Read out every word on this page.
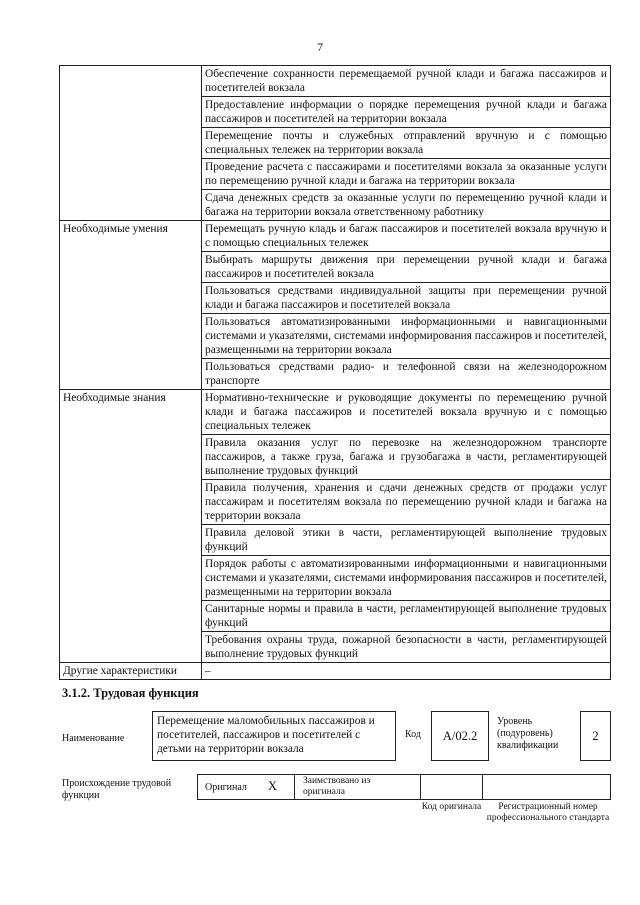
7
	Обеспечение сохранности перемещаемой ручной клади и багажа пассажиров и посетителей вокзала
	Предоставление информации о порядке перемещения ручной клади и багажа пассажиров и посетителей на территории вокзала
	Перемещение почты и служебных отправлений вручную и с помощью специальных тележек на территории вокзала
	Проведение расчета с пассажирами и посетителями вокзала за оказанные услуги по перемещению ручной клади и багажа на территории вокзала
	Сдача денежных средств за оказанные услуги по перемещению ручной клади и багажа на территории вокзала ответственному работнику
Необходимые умения	Перемещать ручную кладь и багаж пассажиров и посетителей вокзала вручную и с помощью специальных тележек
	Выбирать маршруты движения при перемещении ручной клади и багажа пассажиров и посетителей вокзала
	Пользоваться средствами индивидуальной защиты при перемещении ручной клади и багажа пассажиров и посетителей вокзала
	Пользоваться автоматизированными информационными и навигационными системами и указателями, системами информирования пассажиров и посетителей, размещенными на территории вокзала
	Пользоваться средствами радио- и телефонной связи на железнодорожном транспорте
Необходимые знания	Нормативно-технические и руководящие документы по перемещению ручной клади и багажа пассажиров и посетителей вокзала вручную и с помощью специальных тележек
	Правила оказания услуг по перевозке на железнодорожном транспорте пассажиров, а также груза, багажа и грузобагажа в части, регламентирующей выполнение трудовых функций
	Правила получения, хранения и сдачи денежных средств от продажи услуг пассажирам и посетителям вокзала по перемещению ручной клади и багажа на территории вокзала
	Правила деловой этики в части, регламентирующей выполнение трудовых функций
	Порядок работы с автоматизированными информационными и навигационными системами и указателями, системами информирования пассажиров и посетителей, размещенными на территории вокзала
	Санитарные нормы и правила в части, регламентирующей выполнение трудовых функций
	Требования охраны труда, пожарной безопасности в части, регламентирующей выполнение трудовых функций
Другие характеристики	–
3.1.2. Трудовая функция
Наименование
Перемещение маломобильных пассажиров и посетителей, пассажиров и посетителей с детьми на территории вокзала
Код A/02.2
Уровень (подуровень) квалификации
2
Происхождение трудовой функции
Оригинал X	Заимствовано из оригинала
Код оригинала	Регистрационный номер профессионального стандарта
